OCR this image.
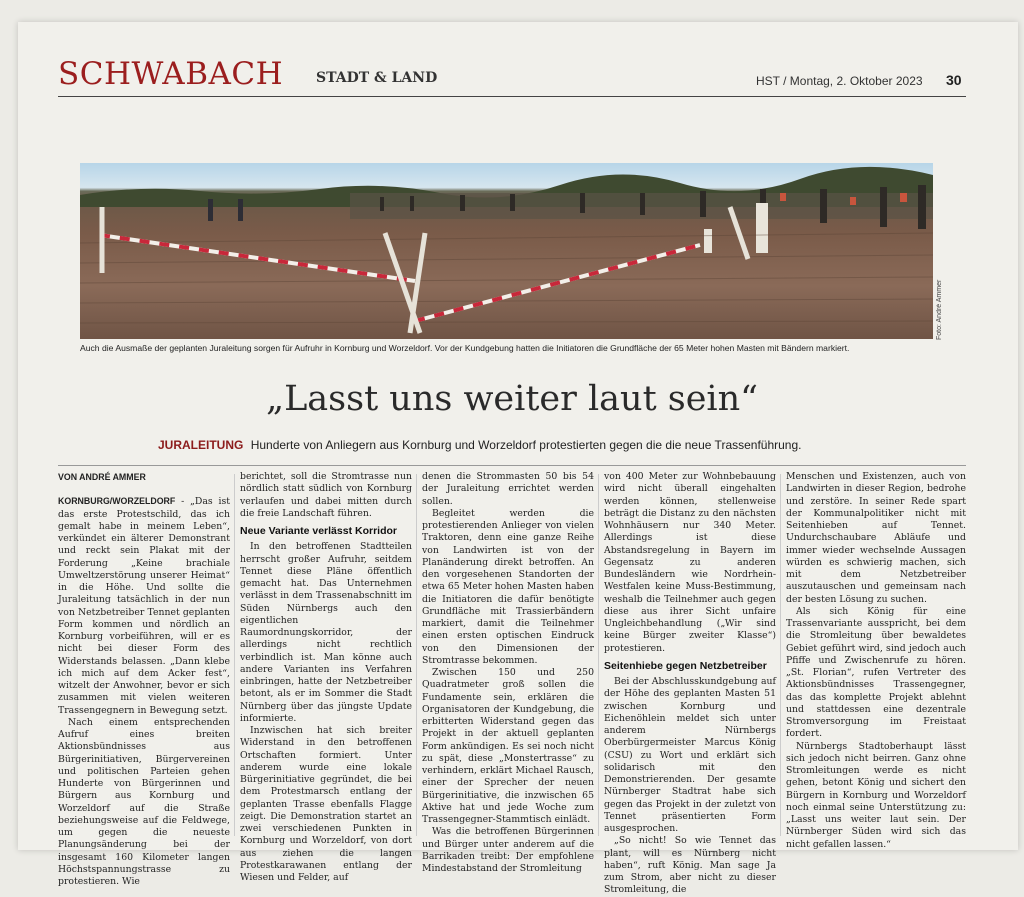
SCHWABACH STADT & LAND	HST / Montag, 2. Oktober 2023 30
Foto: André Ammer
Auch die Ausmaße der geplanten Juraleitung sorgen für Aufruhr in Kornburg und Worzeldorf. Vor der Kundgebung hatten die Initiatoren die Grundfläche der 65 Meter hohen Masten mit Bändern markiert.
„Lasst uns weiter laut sein“
JURALEITUNG Hunderte von Anliegern aus Kornburg und Worzeldorf protestierten gegen die die neue Trassenführung.
VON ANDRÉ AMMER

KORNBURG/WORZELDORF - „Das ist das erste Protestschild, das ich gemalt habe in meinem Leben“, verkündet ein älterer Demonstrant und reckt sein Plakat mit der Forderung „Keine brachiale Umweltzerstörung unserer Heimat“ in die Höhe. Und sollte die Juraleitung tatsächlich in der nun von Netzbetreiber Tennet geplanten Form kommen und nördlich an Kornburg vorbeiführen, will er es nicht bei dieser Form des Widerstands belassen. „Dann klebe ich mich auf dem Acker fest“, witzelt der Anwohner, bevor er sich zusammen mit vielen weiteren Trassengegnern in Bewegung setzt.

Nach einem entsprechenden Aufruf eines breiten Aktionsbündnisses aus Bürgerinitiativen, Bürgervereinen und politischen Parteien gehen Hunderte von Bürgerinnen und Bürgern aus Kornburg und Worzeldorf auf die Straße beziehungsweise auf die Feldwege, um gegen die neueste Planungsänderung bei der insgesamt 160 Kilometer langen Höchstspannungstrasse zu protestieren. Wie

berichtet, soll die Stromtrasse nun nördlich statt südlich von Kornburg verlaufen und dabei mitten durch die freie Landschaft führen.

Neue Variante verlässt Korridor

In den betroffenen Stadtteilen herrscht großer Aufruhr, seitdem Tennet diese Pläne öffentlich gemacht hat. Das Unternehmen verlässt in dem Trassenabschnitt im Süden Nürnbergs auch den eigentlichen Raumordnungskorridor, der allerdings nicht rechtlich verbindlich ist. Man könne auch andere Varianten ins Verfahren einbringen, hatte der Netzbetreiber betont, als er im Sommer die Stadt Nürnberg über das jüngste Update informierte.

Inzwischen hat sich breiter Widerstand in den betroffenen Ortschaften formiert. Unter anderem wurde eine lokale Bürgerinitiative gegründet, die bei dem Protestmarsch entlang der geplanten Trasse ebenfalls Flagge zeigt. Die Demonstration startet an zwei verschiedenen Punkten in Kornburg und Worzeldorf, von dort aus ziehen die langen Protestkarawanen entlang der Wiesen und Felder, auf

denen die Strommasten 50 bis 54 der Juraleitung errichtet werden sollen.

Begleitet werden die protestierenden Anlieger von vielen Traktoren, denn eine ganze Reihe von Landwirten ist von der Planänderung direkt betroffen. An den vorgesehenen Standorten der etwa 65 Meter hohen Masten haben die Initiatoren die dafür benötigte Grundfläche mit Trassierbändern markiert, damit die Teilnehmer einen ersten optischen Eindruck von den Dimensionen der Stromtrasse bekommen.

Zwischen 150 und 250 Quadratmeter groß sollen die Fundamente sein, erklären die Organisatoren der Kundgebung, die erbitterten Widerstand gegen das Projekt in der aktuell geplanten Form ankündigen. Es sei noch nicht zu spät, diese „Monstertrasse“ zu verhindern, erklärt Michael Rausch, einer der Sprecher der neuen Bürgerinitiative, die inzwischen 65 Aktive hat und jede Woche zum Trassengegner-Stammtisch einlädt.

Was die betroffenen Bürgerinnen und Bürger unter anderem auf die Barrikaden treibt: Der empfohlene Mindestabstand der Stromleitung

von 400 Meter zur Wohnbebauung wird nicht überall eingehalten werden können, stellenweise beträgt die Distanz zu den nächsten Wohnhäusern nur 340 Meter. Allerdings ist diese Abstandsregelung in Bayern im Gegensatz zu anderen Bundesländern wie Nordrhein-Westfalen keine Muss-Bestimmung, weshalb die Teilnehmer auch gegen diese aus ihrer Sicht unfaire Ungleichbehandlung („Wir sind keine Bürger zweiter Klasse“) protestieren.

Seitenhiebe gegen Netzbetreiber

Bei der Abschlusskundgebung auf der Höhe des geplanten Masten 51 zwischen Kornburg und Eichenöhlein meldet sich unter anderem Nürnbergs Oberbürgermeister Marcus König (CSU) zu Wort und erklärt sich solidarisch mit den Demonstrierenden. Der gesamte Nürnberger Stadtrat habe sich gegen das Projekt in der zuletzt von Tennet präsentierten Form ausgesprochen.

„So nicht! So wie Tennet das plant, will es Nürnberg nicht haben“, ruft König. Man sage Ja zum Strom, aber nicht zu dieser Stromleitung, die

Menschen und Existenzen, auch von Landwirten in dieser Region, bedrohe und zerstöre. In seiner Rede spart der Kommunalpolitiker nicht mit Seitenhieben auf Tennet. Undurchschaubare Abläufe und immer wieder wechselnde Aussagen würden es schwierig machen, sich mit dem Netzbetreiber auszutauschen und gemeinsam nach der besten Lösung zu suchen.

Als sich König für eine Trassenvariante ausspricht, bei dem die Stromleitung über bewaldetes Gebiet geführt wird, sind jedoch auch Pfiffe und Zwischenrufe zu hören. „St. Florian“, rufen Vertreter des Aktionsbündnisses Trassengegner, das das komplette Projekt ablehnt und stattdessen eine dezentrale Stromversorgung im Freistaat fordert.

Nürnbergs Stadtoberhaupt lässt sich jedoch nicht beirren. Ganz ohne Stromleitungen werde es nicht gehen, betont König und sichert den Bürgern in Kornburg und Worzeldorf noch einmal seine Unterstützung zu: „Lasst uns weiter laut sein. Der Nürnberger Süden wird sich das nicht gefallen lassen.“
